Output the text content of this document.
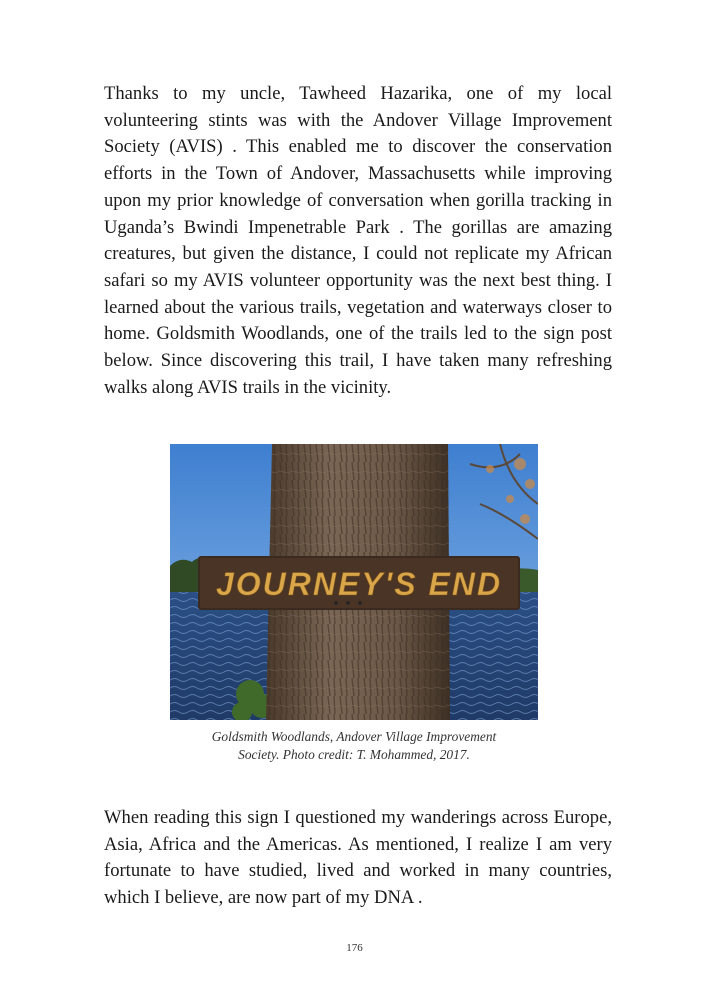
Thanks to my uncle, Tawheed Hazarika, one of my local volunteering stints was with the Andover Village Improvement Society (AVIS) . This enabled me to discover the conservation efforts in the Town of Andover, Massachusetts while improving upon my prior knowledge of conversation when gorilla tracking in Uganda’s Bwindi Impenetrable Park . The gorillas are amazing creatures, but given the distance, I could not replicate my African safari so my AVIS volunteer opportunity was the next best thing. I learned about the various trails, vegetation and waterways closer to home. Goldsmith Woodlands, one of the trails led to the sign post below. Since discovering this trail, I have taken many refreshing walks along AVIS trails in the vicinity.

JOURNEY'S END
Goldsmith Woodlands, Andover Village Improvement
Society. Photo credit: T. Mohammed, 2017.

When reading this sign I questioned my wanderings across Europe, Asia, Africa and the Americas. As mentioned, I realize I am very fortunate to have studied, lived and worked in many countries, which I believe, are now part of my DNA .

176
